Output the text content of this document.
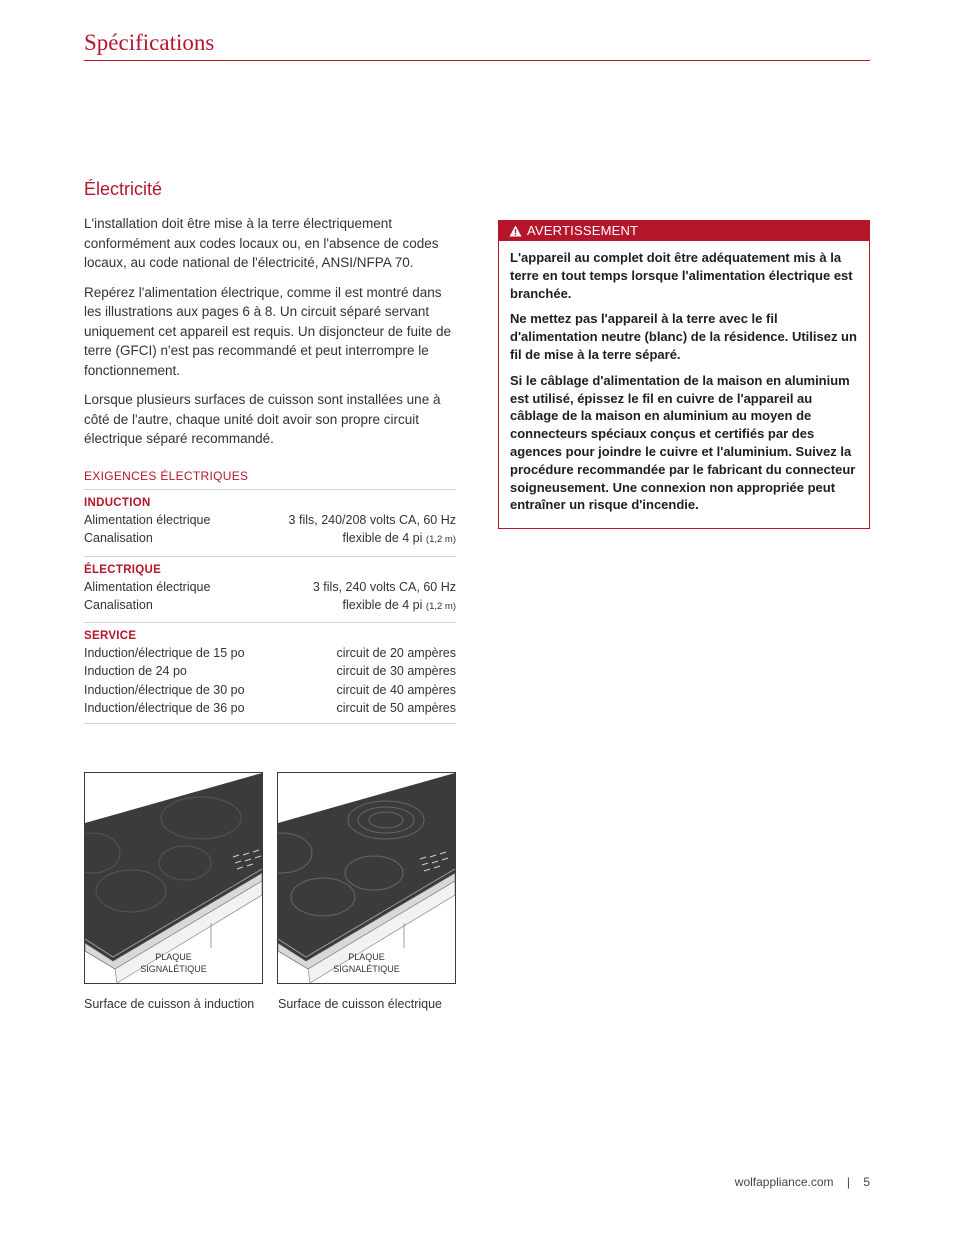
Spécifications
Électricité

L'installation doit être mise à la terre électriquement conformément aux codes locaux ou, en l'absence de codes locaux, au code national de l'électricité, ANSI/NFPA 70.

Repérez l'alimentation électrique, comme il est montré dans les illustrations aux pages 6 à 8. Un circuit séparé servant uniquement cet appareil est requis. Un disjoncteur de fuite de terre (GFCI) n'est pas recommandé et peut interrompre le fonctionnement.

Lorsque plusieurs surfaces de cuisson sont installées une à côté de l'autre, chaque unité doit avoir son propre circuit électrique séparé recommandé.

EXIGENCES ÉLECTRIQUES
INDUCTION
Alimentation électrique	3 fils, 240/208 volts CA, 60 Hz
Canalisation	flexible de 4 pi (1,2 m)
ÉLECTRIQUE
Alimentation électrique	3 fils, 240 volts CA, 60 Hz
Canalisation	flexible de 4 pi (1,2 m)
SERVICE
Induction/électrique de 15 po	circuit de 20 ampères
Induction de 24 po	circuit de 30 ampères
Induction/électrique de 30 po	circuit de 40 ampères
Induction/électrique de 36 po	circuit de 50 ampères
AVERTISSEMENT

L'appareil au complet doit être adéquatement mis à la terre en tout temps lorsque l'alimentation électrique est branchée.

Ne mettez pas l'appareil à la terre avec le fil d'alimentation neutre (blanc) de la résidence. Utilisez un fil de mise à la terre séparé.

Si le câblage d'alimentation de la maison en aluminium est utilisé, épissez le fil en cuivre de l'appareil au câblage de la maison en aluminium au moyen de connecteurs spéciaux conçus et certifiés par des agences pour joindre le cuivre et l'aluminium. Suivez la procédure recommandée par le fabricant du connecteur soigneusement. Une connexion non appropriée peut entraîner un risque d'incendie.

PLAQUE
SIGNALÉTIQUE
Surface de cuisson à induction
PLAQUE
SIGNALÉTIQUE
Surface de cuisson électrique
wolfappliance.com | 5
